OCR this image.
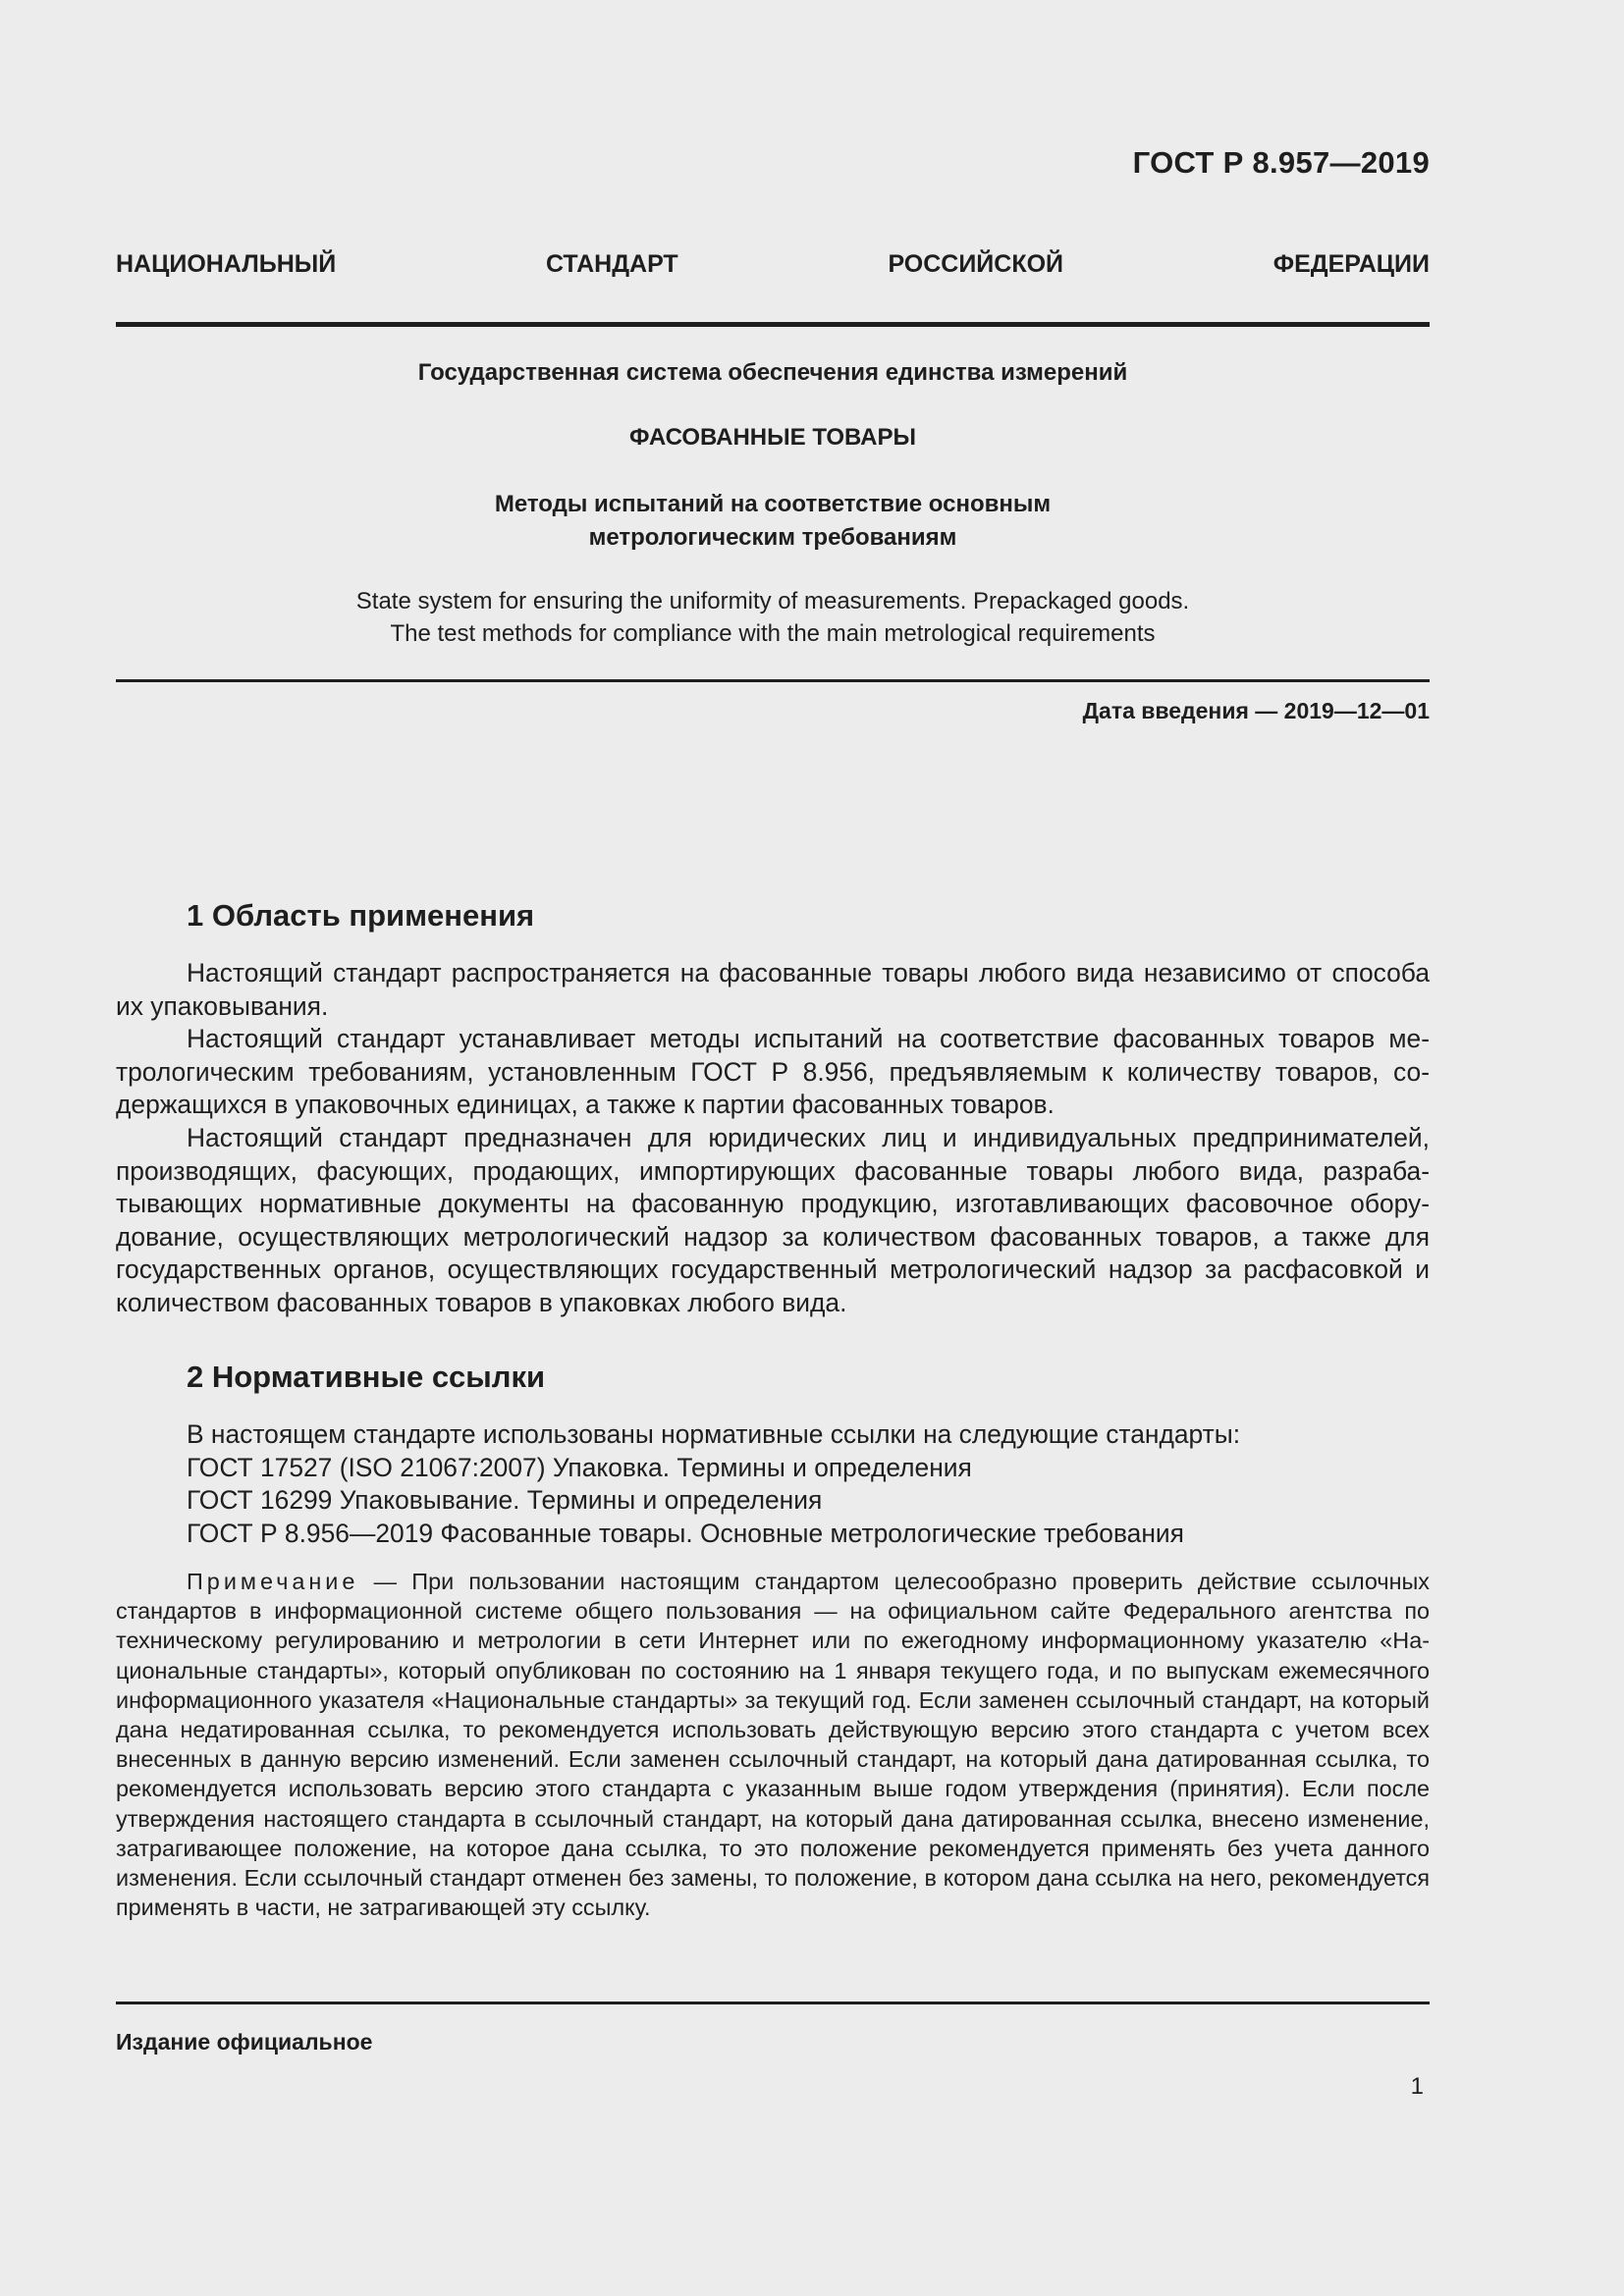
ГОСТ Р 8.957—2019
НАЦИОНАЛЬНЫЙ СТАНДАРТ РОССИЙСКОЙ ФЕДЕРАЦИИ
Государственная система обеспечения единства измерений
ФАСОВАННЫЕ ТОВАРЫ
Методы испытаний на соответствие основным
метрологическим требованиям
State system for ensuring the uniformity of measurements. Prepackaged goods.
The test methods for compliance with the main metrological requirements
Дата введения — 2019—12—01
1 Область применения

Настоящий стандарт распространяется на фасованные товары любого вида независимо от способа их упаковывания.

Настоящий стандарт устанавливает методы испытаний на соответствие фасованных товаров метрологическим требованиям, установленным ГОСТ Р 8.956, предъявляемым к количеству товаров, содержащихся в упаковочных единицах, а также к партии фасованных товаров.

Настоящий стандарт предназначен для юридических лиц и индивидуальных предпринимателей, производящих, фасующих, продающих, импортирующих фасованные товары любого вида, разрабатывающих нормативные документы на фасованную продукцию, изготавливающих фасовочное оборудование, осуществляющих метрологический надзор за количеством фасованных товаров, а также для государственных органов, осуществляющих государственный метрологический надзор за расфасовкой и количеством фасованных товаров в упаковках любого вида.

2 Нормативные ссылки
В настоящем стандарте использованы нормативные ссылки на следующие стандарты:
ГОСТ 17527 (ISO 21067:2007) Упаковка. Термины и определения
ГОСТ 16299 Упаковывание. Термины и определения
ГОСТ Р 8.956—2019 Фасованные товары. Основные метрологические требования

Примечание — При пользовании настоящим стандартом целесообразно проверить действие ссылочных стандартов в информационной системе общего пользования — на официальном сайте Федерального агентства по техническому регулированию и метрологии в сети Интернет или по ежегодному информационному указателю «Национальные стандарты», который опубликован по состоянию на 1 января текущего года, и по выпускам ежемесячного информационного указателя «Национальные стандарты» за текущий год. Если заменен ссылочный стандарт, на который дана недатированная ссылка, то рекомендуется использовать действующую версию этого стандарта с учетом всех внесенных в данную версию изменений. Если заменен ссылочный стандарт, на который дана датированная ссылка, то рекомендуется использовать версию этого стандарта с указанным выше годом утверждения (принятия). Если после утверждения настоящего стандарта в ссылочный стандарт, на который дана датированная ссылка, внесено изменение, затрагивающее положение, на которое дана ссылка, то это положение рекомендуется применять без учета данного изменения. Если ссылочный стандарт отменен без замены, то положение, в котором дана ссылка на него, рекомендуется применять в части, не затрагивающей эту ссылку.

Издание официальное
1
